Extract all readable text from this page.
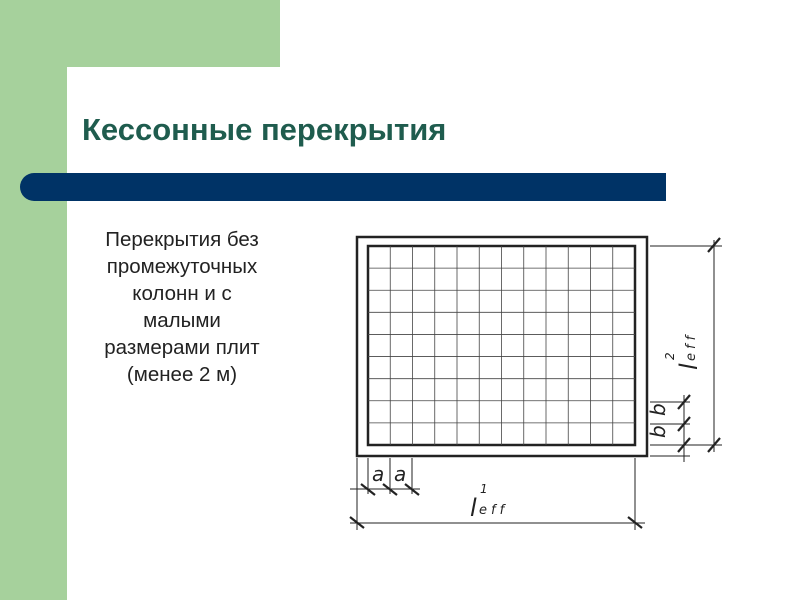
Кессонные перекрытия
Перекрытия без
промежуточных
колонн и с
малыми
размерами плит
(менее 2 м)
a a
b
b
l
1
eff
l
2 eff
